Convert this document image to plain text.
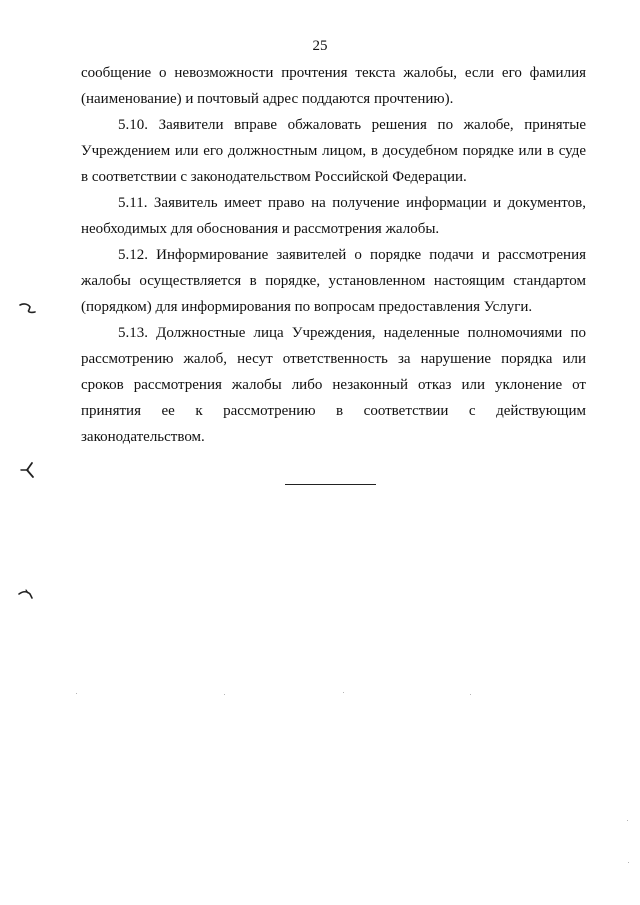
25

сообщение о невозможности прочтения текста жалобы, если его фамилия (наименование) и почтовый адрес поддаются прочтению).

5.10. Заявители вправе обжаловать решения по жалобе, принятые Учреждением или его должностным лицом, в досудебном порядке или в суде в соответствии с законодательством Российской Федерации.

5.11. Заявитель имеет право на получение информации и документов, необходимых для обоснования и рассмотрения жалобы.

5.12. Информирование заявителей о порядке подачи и рассмотрения жалобы осуществляется в порядке, установленном настоящим стандартом (порядком) для информирования по вопросам предоставления Услуги.

5.13. Должностные лица Учреждения, наделенные полномочиями по рассмотрению жалоб, несут ответственность за нарушение порядка или сроков рассмотрения жалобы либо незаконный отказ или уклонение от принятия ее к рассмотрению в соответствии с действующим законодательством.
